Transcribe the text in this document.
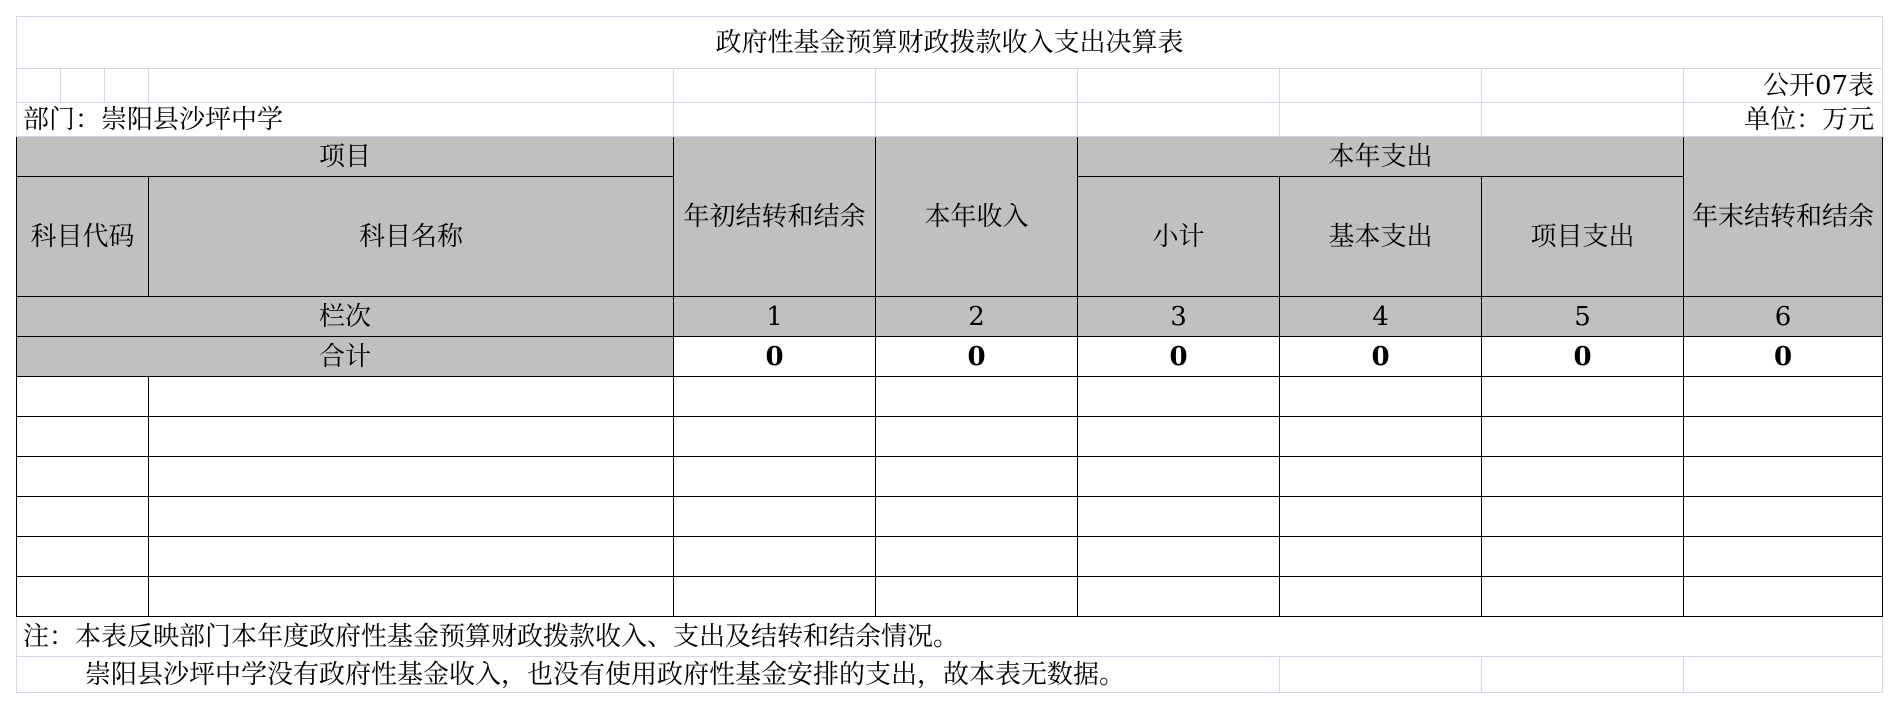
政府性基金预算财政拨款收入支出决算表									
									公开07表
部门：崇阳县沙坪中学									单位：万元
项目				年初结转和结余	本年收入	本年支出			年末结转和结余
科目代码			科目名称			小计	基本支出	项目支出	
栏次				1	2	3	4	5	6
合计				0	0	0	0	0	0

注：本表反映部门本年度政府性基金预算财政拨款收入、支出及结转和结余情况。									
崇阳县沙坪中学没有政府性基金收入，也没有使用政府性基金安排的支出，故本表无数据。									
